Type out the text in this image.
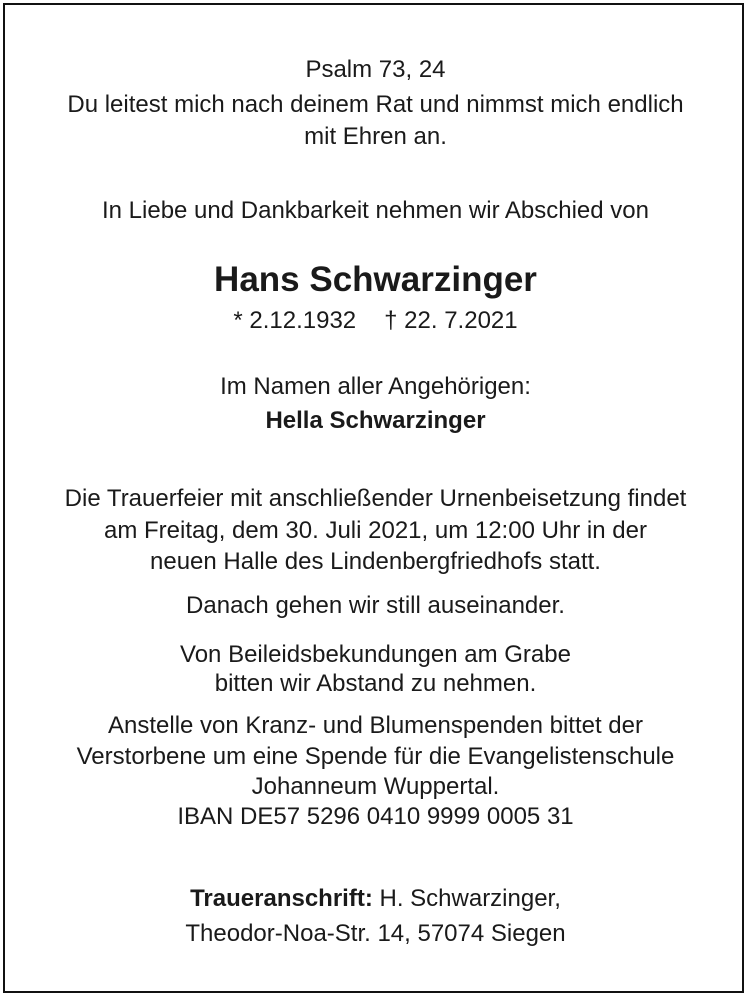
Psalm 73, 24
Du leitest mich nach deinem Rat und nimmst mich endlich
mit Ehren an.
In Liebe und Dankbarkeit nehmen wir Abschied von
Hans Schwarzinger
* 2.12.1932 † 22. 7.2021
Im Namen aller Angehörigen:
Hella Schwarzinger
Die Trauerfeier mit anschließender Urnenbeisetzung findet
am Freitag, dem 30. Juli 2021, um 12:00 Uhr in der
neuen Halle des Lindenbergfriedhofs statt.
Danach gehen wir still auseinander.
Von Beileidsbekundungen am Grabe
bitten wir Abstand zu nehmen.
Anstelle von Kranz- und Blumenspenden bittet der
Verstorbene um eine Spende für die Evangelistenschule
Johanneum Wuppertal.
IBAN DE57 5296 0410 9999 0005 31
Traueranschrift: H. Schwarzinger,
Theodor-Noa-Str. 14, 57074 Siegen
